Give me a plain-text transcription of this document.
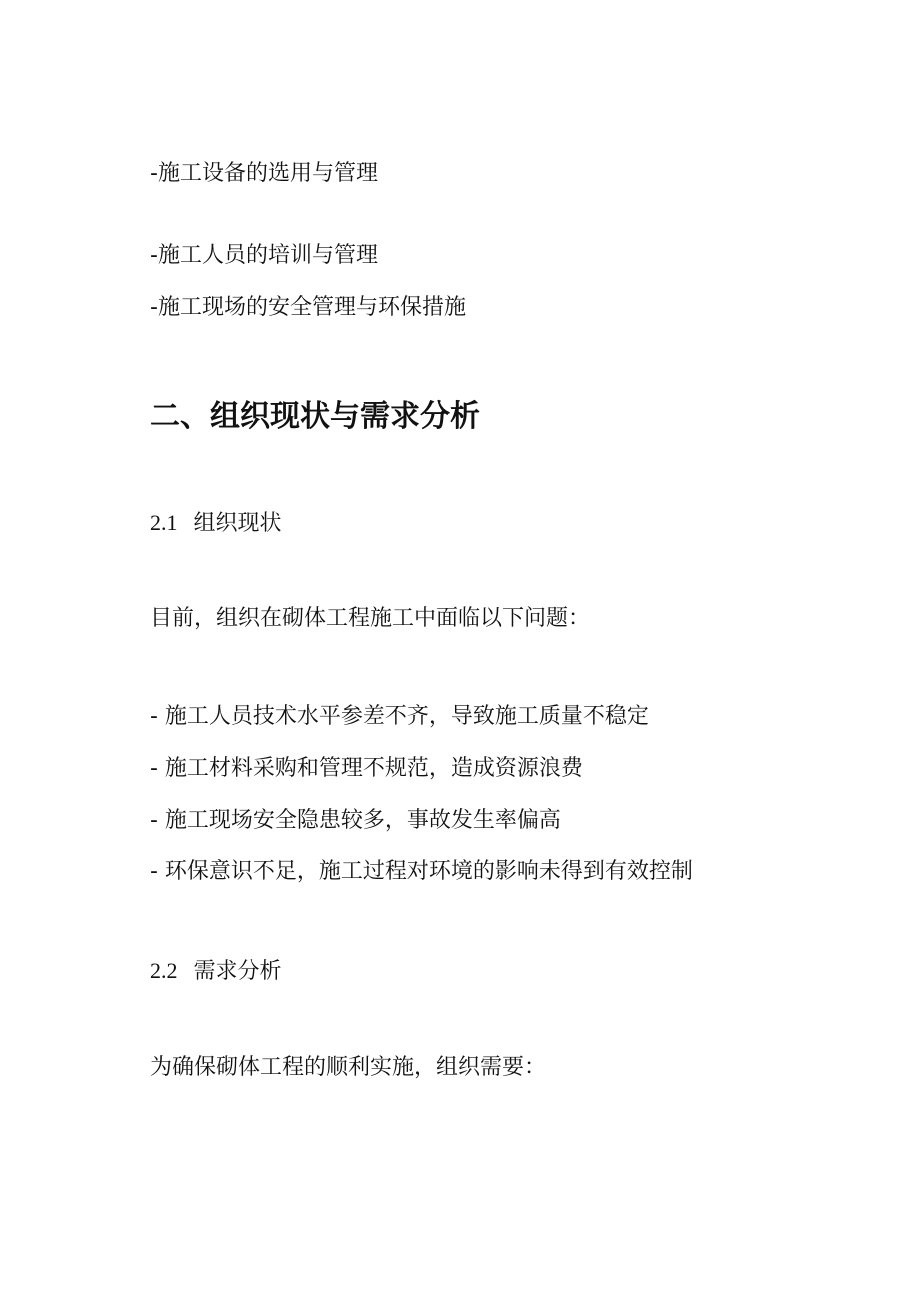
-施工设备的选用与管理
-施工人员的培训与管理
-施工现场的安全管理与环保措施
二、组织现状与需求分析
2.1 组织现状
目前，组织在砌体工程施工中面临以下问题：
- 施工人员技术水平参差不齐，导致施工质量不稳定
- 施工材料采购和管理不规范，造成资源浪费
- 施工现场安全隐患较多，事故发生率偏高
- 环保意识不足，施工过程对环境的影响未得到有效控制
2.2 需求分析
为确保砌体工程的顺利实施，组织需要：
